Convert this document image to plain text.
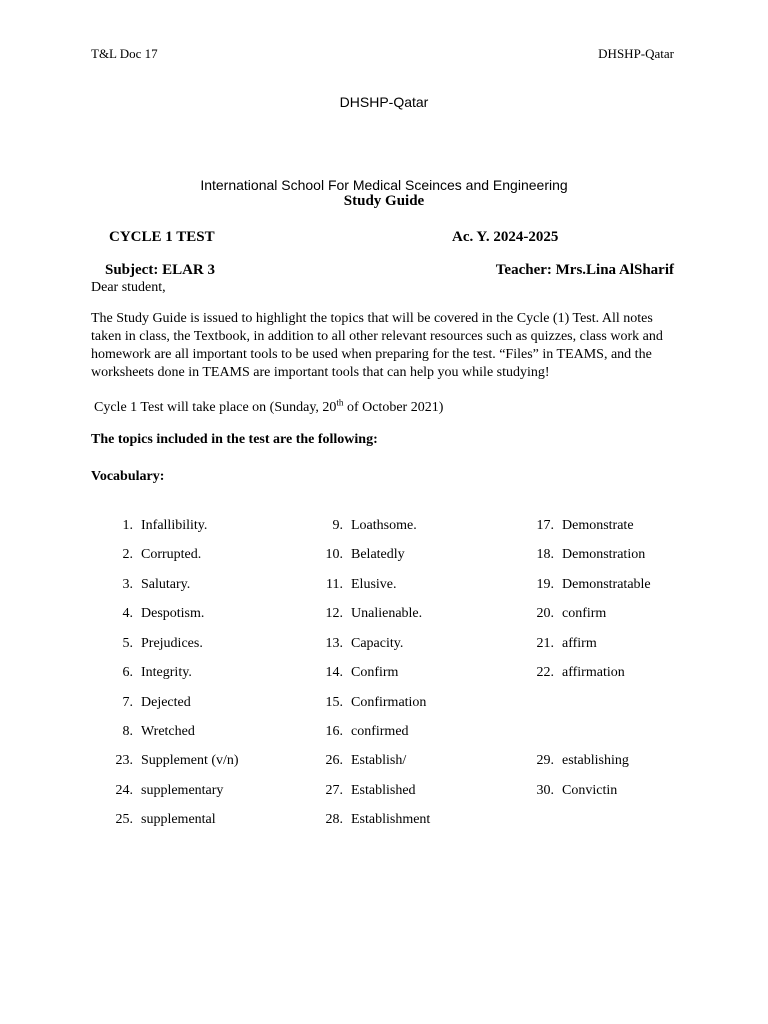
T&L Doc 17	DHSHP-Qatar
DHSHP-Qatar
International School For Medical Sceinces and Engineering
Study Guide
CYCLE 1 TEST	Ac. Y. 2024-2025
Subject: ELAR 3	Teacher: Mrs.Lina AlSharif
Dear student,
The Study Guide is issued to highlight the topics that will be covered in the Cycle (1) Test. All notes taken in class, the Textbook, in addition to all other relevant resources such as quizzes, class work and homework are all important tools to be used when preparing for the test. “Files” in TEAMS, and the worksheets done in TEAMS are important tools that can help you while studying!
Cycle 1 Test will take place on (Sunday, 20th of October 2021)
The topics included in the test are the following:
Vocabulary:
1. Infallibility.
2. Corrupted.
3. Salutary.
4. Despotism.
5. Prejudices.
6. Integrity.
7. Dejected
8. Wretched
9. Loathsome.
10. Belatedly
11. Elusive.
12. Unalienable.
13. Capacity.
14. Confirm
15. Confirmation
16. confirmed
17. Demonstrate
18. Demonstration
19. Demonstratable
20. confirm
21. affirm
22. affirmation
23. Supplement (v/n)
24. supplementary
25. supplemental
26. Establish/
27. Established
28. Establishment
29. establishing
30. Convictin
